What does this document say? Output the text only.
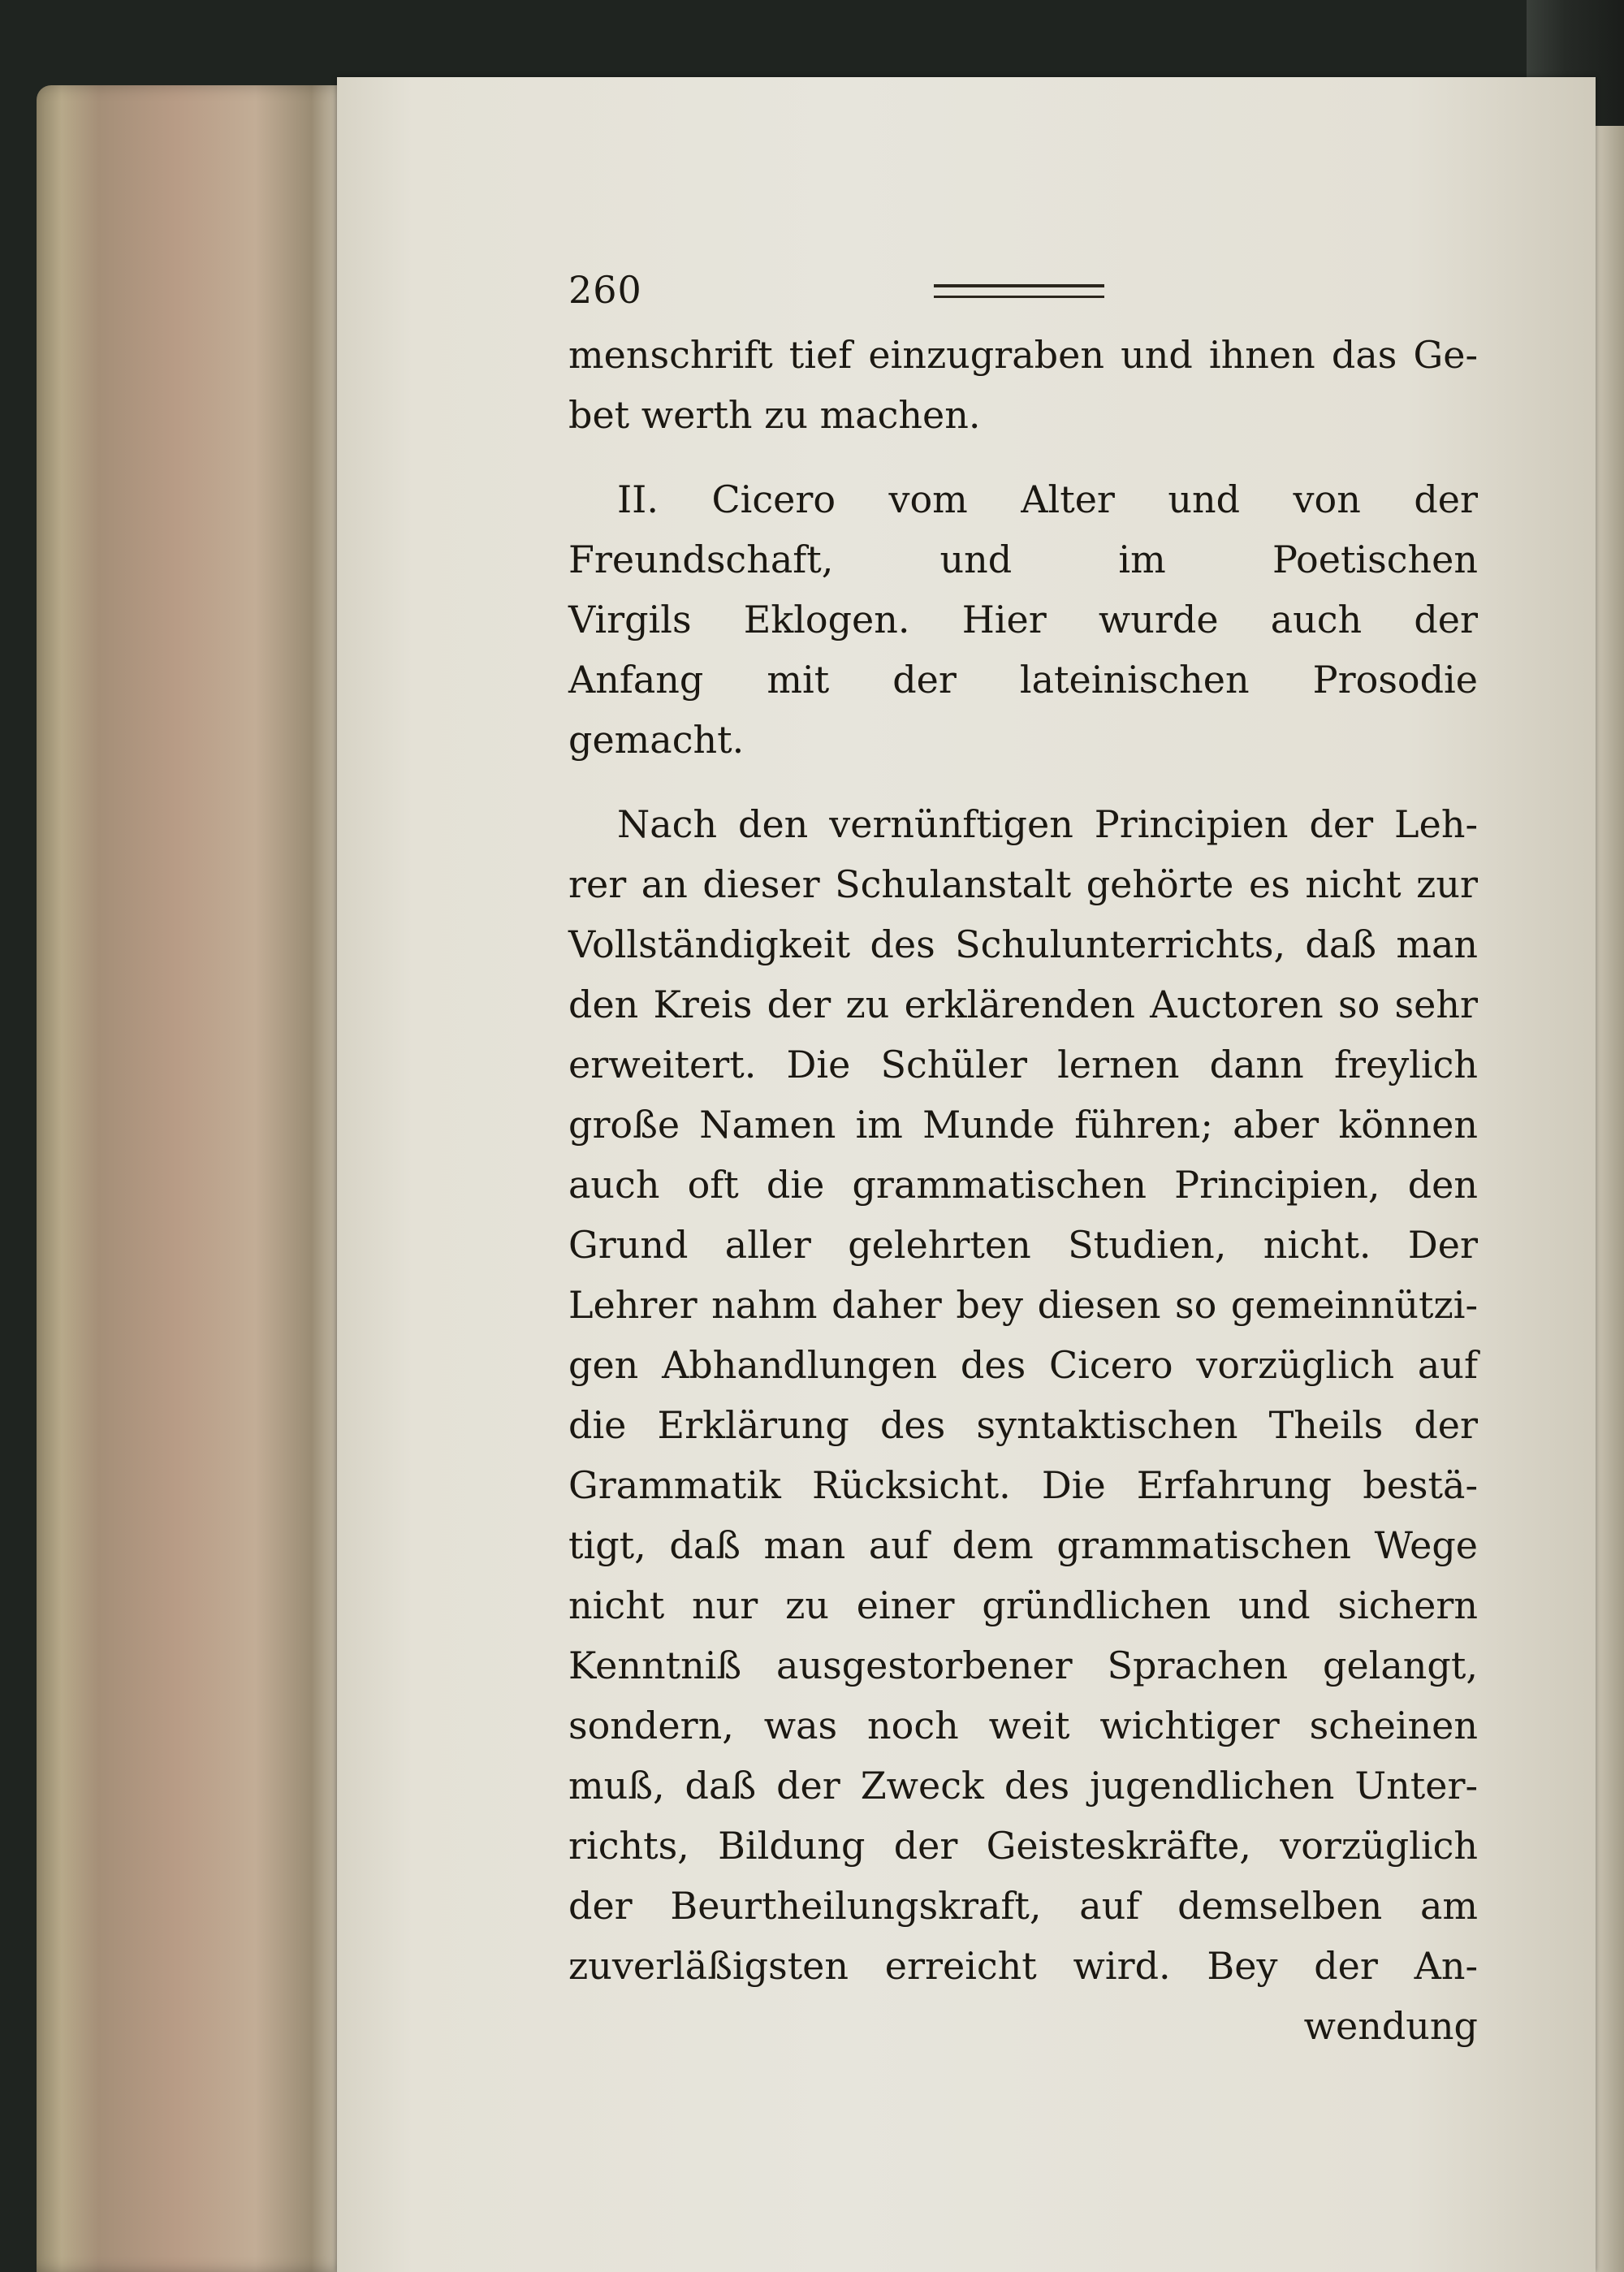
260

menschrift tief einzugraben und ihnen das Ge-
bet werth zu machen.

II. Cicero vom Alter und von der
Freundschaft, und im Poetischen
Virgils Eklogen. Hier wurde auch der
Anfang mit der lateinischen Prosodie
gemacht.

Nach den vernünftigen Principien der Leh-
rer an dieser Schulanstalt gehörte es nicht zur
Vollständigkeit des Schulunterrichts, daß man
den Kreis der zu erklärenden Auctoren so sehr
erweitert. Die Schüler lernen dann freylich
große Namen im Munde führen; aber können
auch oft die grammatischen Principien, den
Grund aller gelehrten Studien, nicht. Der
Lehrer nahm daher bey diesen so gemeinnützi-
gen Abhandlungen des Cicero vorzüglich auf
die Erklärung des syntaktischen Theils der
Grammatik Rücksicht. Die Erfahrung bestä-
tigt, daß man auf dem grammatischen Wege
nicht nur zu einer gründlichen und sichern
Kenntniß ausgestorbener Sprachen gelangt,
sondern, was noch weit wichtiger scheinen
muß, daß der Zweck des jugendlichen Unter-
richts, Bildung der Geisteskräfte, vorzüglich
der Beurtheilungskraft, auf demselben am
zuverläßigsten erreicht wird. Bey der An-

wendung
